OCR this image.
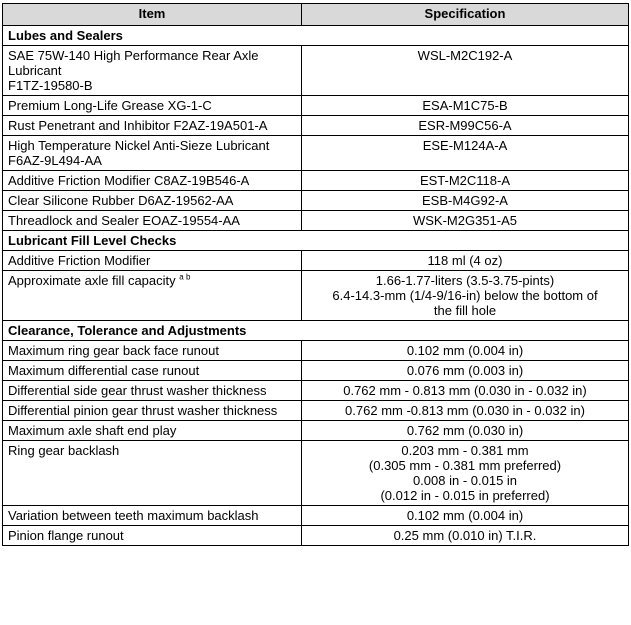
Item	Specification
Lubes and Sealers	

SAE 75W-140 High Performance Rear Axle
Lubricant
F1TZ-19580-B	WSL-M2C192-A

Premium Long-Life Grease XG-1-C	ESA-M1C75-B

Rust Penetrant and Inhibitor F2AZ-19A501-A	ESR-M99C56-A

High Temperature Nickel Anti-Sieze Lubricant
F6AZ-9L494-AA	ESE-M124A-A

Additive Friction Modifier C8AZ-19B546-A	EST-M2C118-A

Clear Silicone Rubber D6AZ-19562-AA	ESB-M4G92-A

Threadlock and Sealer EOAZ-19554-AA	WSK-M2G351-A5

Lubricant Fill Level Checks	

Additive Friction Modifier	118 ml (4 oz)

Approximate axle fill capacity $^{a b}$	1.66-1.77-liters (3.5-3.75-pints)
6.4-14.3-mm (1/4-9/16-in) below the bottom of
the fill hole

Clearance, Tolerance and Adjustments	

Maximum ring gear back face runout	0.102 mm (0.004 in)

Maximum differential case runout	0.076 mm (0.003 in)

Differential side gear thrust washer thickness	0.762 mm - 0.813 mm (0.030 in - 0.032 in)

Differential pinion gear thrust washer thickness	0.762 mm -0.813 mm (0.030 in - 0.032 in)

Maximum axle shaft end play	0.762 mm (0.030 in)

Ring gear backlash	0.203 mm - 0.381 mm
(0.305 mm - 0.381 mm preferred)
0.008 in - 0.015 in
(0.012 in - 0.015 in preferred)

Variation between teeth maximum backlash	0.102 mm (0.004 in)

Pinion flange runout	0.25 mm (0.010 in) T.I.R.
